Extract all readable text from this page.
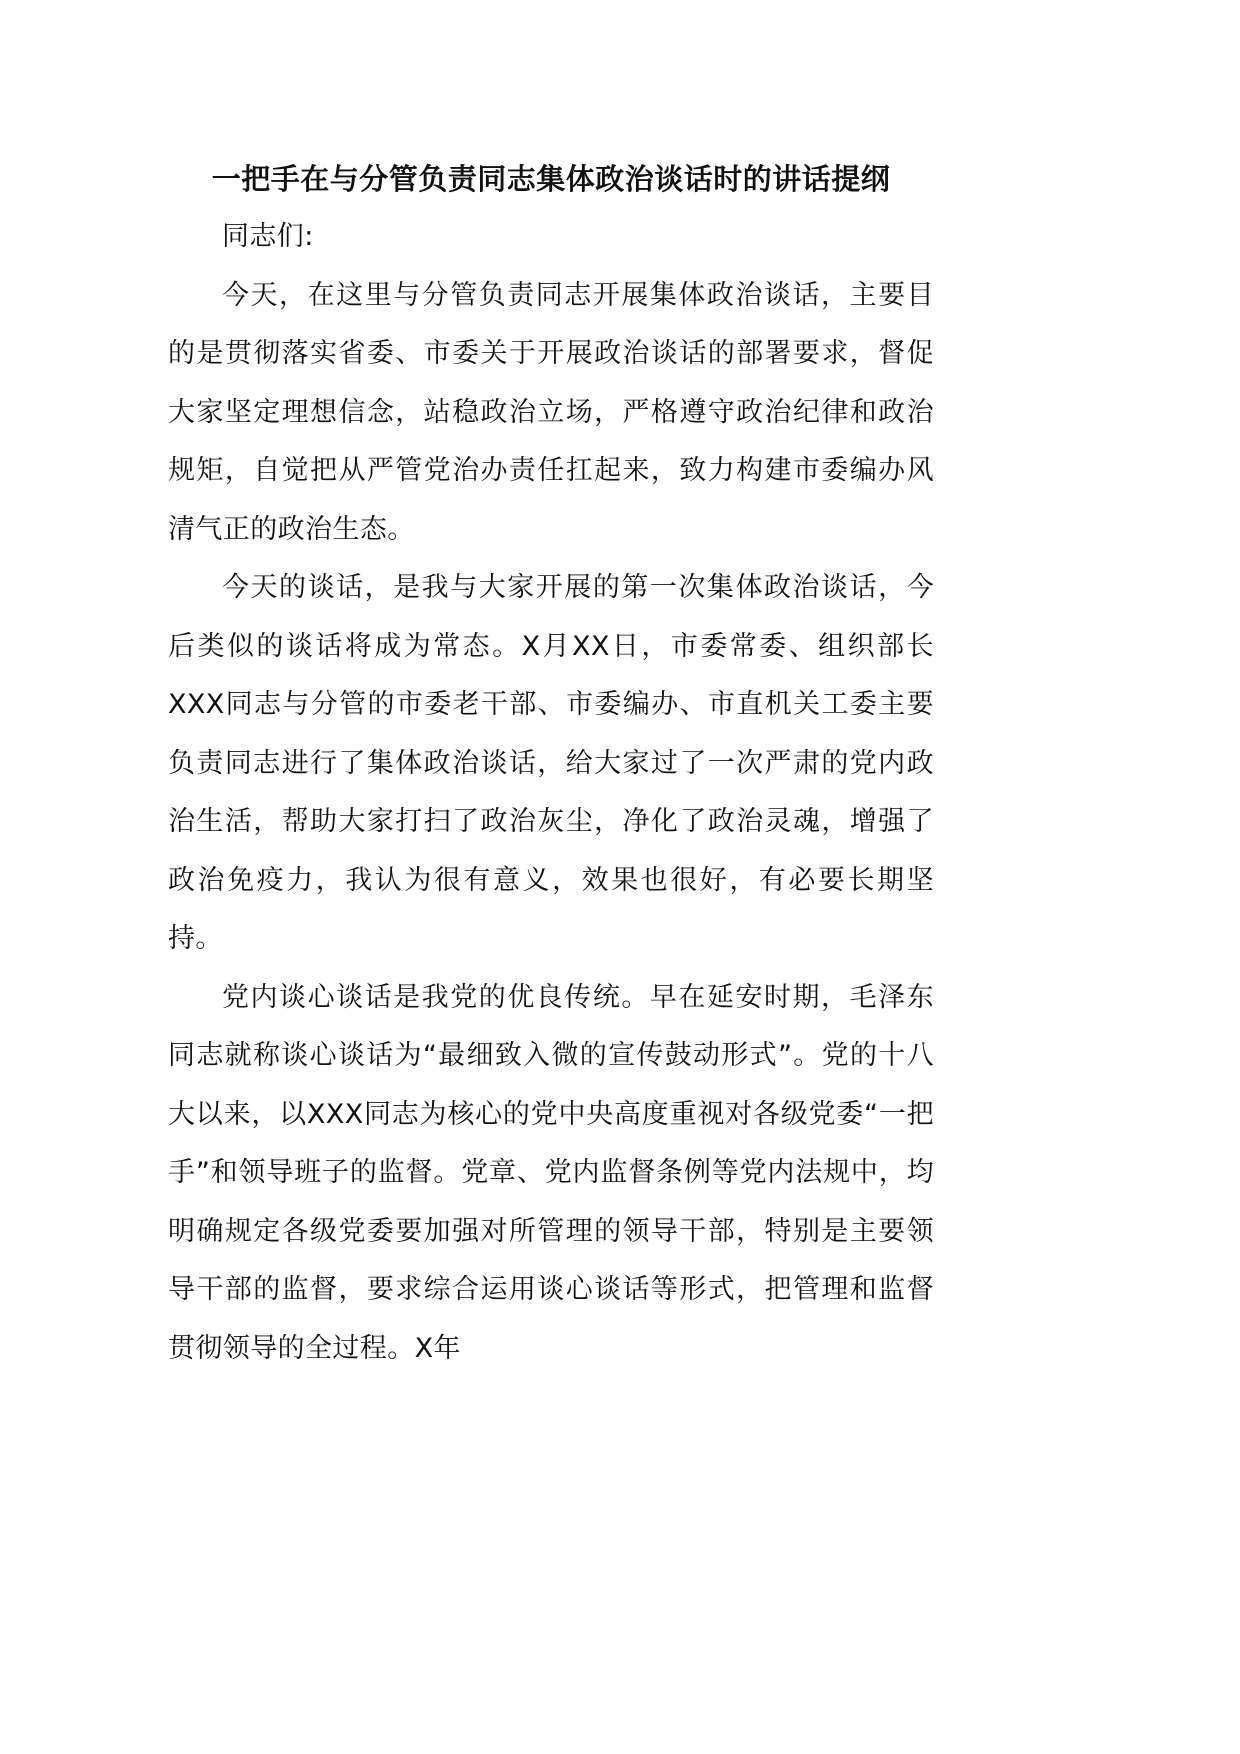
一把手在与分管负责同志集体政治谈话时的讲话提纲

同志们:

今天，在这里与分管负责同志开展集体政治谈话，主要目的是贯彻落实省委、市委关于开展政治谈话的部署要求，督促大家坚定理想信念，站稳政治立场，严格遵守政治纪律和政治规矩，自觉把从严管党治办责任扛起来，致力构建市委编办风清气正的政治生态。

今天的谈话，是我与大家开展的第一次集体政治谈话，今后类似的谈话将成为常态。X月XX日，市委常委、组织部长XXX同志与分管的市委老干部、市委编办、市直机关工委主要负责同志进行了集体政治谈话，给大家过了一次严肃的党内政治生活，帮助大家打扫了政治灰尘，净化了政治灵魂，增强了政治免疫力，我认为很有意义，效果也很好，有必要长期坚持。

党内谈心谈话是我党的优良传统。早在延安时期，毛泽东同志就称谈心谈话为“最细致入微的宣传鼓动形式”。党的十八大以来，以XXX同志为核心的党中央高度重视对各级党委“一把手”和领导班子的监督。党章、党内监督条例等党内法规中，均明确规定各级党委要加强对所管理的领导干部，特别是主要领导干部的监督，要求综合运用谈心谈话等形式，把管理和监督贯彻领导的全过程。X年
